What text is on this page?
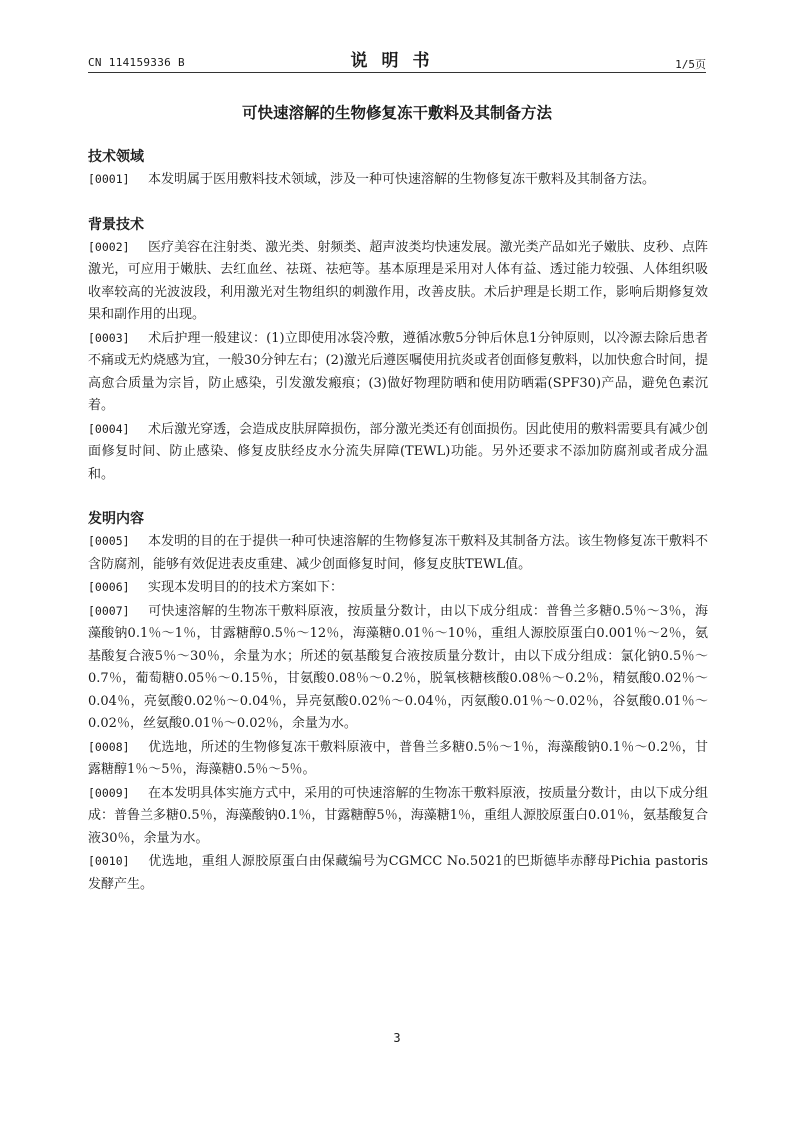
CN 114159336 B	说明书	1/5页
可快速溶解的生物修复冻干敷料及其制备方法
技术领域

[0001] 本发明属于医用敷料技术领域，涉及一种可快速溶解的生物修复冻干敷料及其制备方法。

背景技术

[0002] 医疗美容在注射类、激光类、射频类、超声波类均快速发展。激光类产品如光子嫩肤、皮秒、点阵激光，可应用于嫩肤、去红血丝、祛斑、祛疤等。基本原理是采用对人体有益、透过能力较强、人体组织吸收率较高的光波波段，利用激光对生物组织的刺激作用，改善皮肤。术后护理是长期工作，影响后期修复效果和副作用的出现。

[0003] 术后护理一般建议：(1)立即使用冰袋冷敷，遵循冰敷5分钟后休息1分钟原则，以冷源去除后患者不痛或无灼烧感为宜，一般30分钟左右；(2)激光后遵医嘱使用抗炎或者创面修复敷料，以加快愈合时间，提高愈合质量为宗旨，防止感染，引发激发瘢痕；(3)做好物理防晒和使用防晒霜(SPF30)产品，避免色素沉着。

[0004] 术后激光穿透，会造成皮肤屏障损伤，部分激光类还有创面损伤。因此使用的敷料需要具有减少创面修复时间、防止感染、修复皮肤经皮水分流失屏障(TEWL)功能。另外还要求不添加防腐剂或者成分温和。

发明内容

[0005] 本发明的目的在于提供一种可快速溶解的生物修复冻干敷料及其制备方法。该生物修复冻干敷料不含防腐剂，能够有效促进表皮重建、减少创面修复时间，修复皮肤TEWL值。

[0006] 实现本发明目的的技术方案如下：

[0007] 可快速溶解的生物冻干敷料原液，按质量分数计，由以下成分组成：普鲁兰多糖0.5％～3％，海藻酸钠0.1％～1％，甘露糖醇0.5％～12％，海藻糖0.01％～10％，重组人源胶原蛋白0.001％～2％，氨基酸复合液5％～30％，余量为水；所述的氨基酸复合液按质量分数计，由以下成分组成：氯化钠0.5％～0.7％，葡萄糖0.05％～0.15％，甘氨酸0.08％～0.2％，脱氧核糖核酸0.08％～0.2％，精氨酸0.02％～0.04％，亮氨酸0.02％～0.04％，异亮氨酸0.02％～0.04％，丙氨酸0.01％～0.02％，谷氨酸0.01％～0.02％，丝氨酸0.01％～0.02％，余量为水。

[0008] 优选地，所述的生物修复冻干敷料原液中，普鲁兰多糖0.5％～1％，海藻酸钠0.1％～0.2％，甘露糖醇1％～5％，海藻糖0.5％～5％。

[0009] 在本发明具体实施方式中，采用的可快速溶解的生物冻干敷料原液，按质量分数计，由以下成分组成：普鲁兰多糖0.5％，海藻酸钠0.1％，甘露糖醇5％，海藻糖1％，重组人源胶原蛋白0.01％，氨基酸复合液30％，余量为水。

[0010] 优选地，重组人源胶原蛋白由保藏编号为CGMCC No.5021的巴斯德毕赤酵母Pichia pastoris发酵产生。

3
